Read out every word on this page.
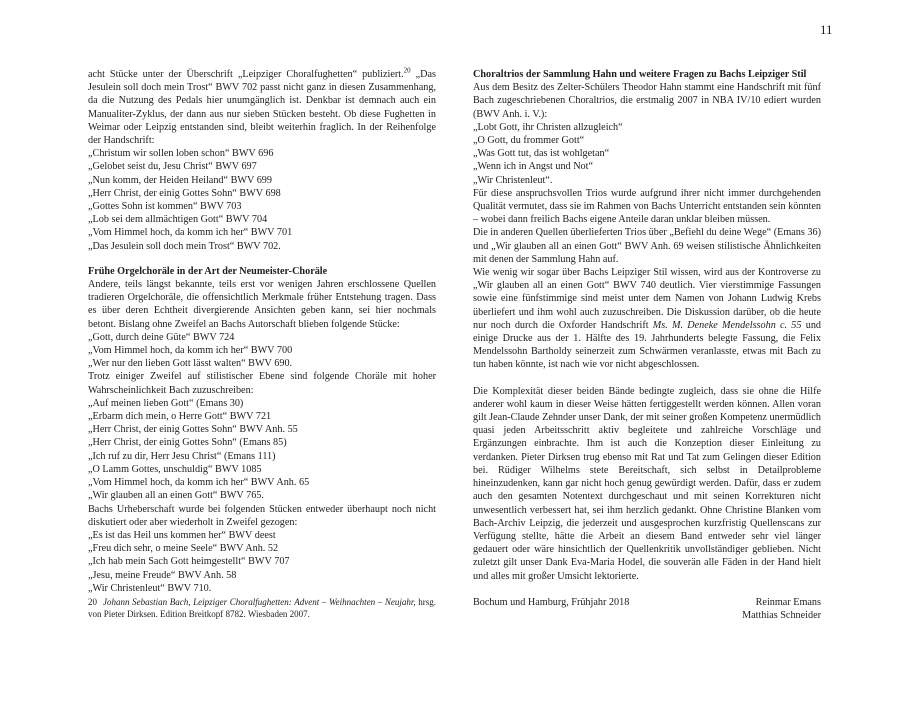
11

acht Stücke unter der Überschrift „Leipziger Choralfughetten“ publiziert.$^{20}$ „Das Jesulein soll doch mein Trost“ BWV 702 passt nicht ganz in diesen Zusammenhang, da die Nutzung des Pedals hier unumgänglich ist. Denkbar ist demnach auch ein Manualiter-Zyklus, der dann aus nur sieben Stücken besteht. Ob diese Fughetten in Weimar oder Leipzig entstanden sind, bleibt weiterhin fraglich. In der Reihenfolge der Handschrift:

„Christum wir sollen loben schon“ BWV 696

„Gelobet seist du, Jesu Christ“ BWV 697

„Nun komm, der Heiden Heiland“ BWV 699

„Herr Christ, der einig Gottes Sohn“ BWV 698

„Gottes Sohn ist kommen“ BWV 703

„Lob sei dem allmächtigen Gott“ BWV 704

„Vom Himmel hoch, da komm ich her“ BWV 701

„Das Jesulein soll doch mein Trost“ BWV 702.

Frühe Orgelchoräle in der Art der Neumeister-Choräle

Andere, teils längst bekannte, teils erst vor wenigen Jahren erschlossene Quellen tradieren Orgelchoräle, die offensichtlich Merkmale früher Entstehung tragen. Dass es über deren Echtheit divergierende Ansichten geben kann, sei hier nochmals betont. Bislang ohne Zweifel an Bachs Autorschaft blieben folgende Stücke:

„Gott, durch deine Güte“ BWV 724

„Vom Himmel hoch, da komm ich her“ BWV 700

„Wer nur den lieben Gott lässt walten“ BWV 690.

Trotz einiger Zweifel auf stilistischer Ebene sind folgende Choräle mit hoher Wahrscheinlichkeit Bach zuzuschreiben:

„Auf meinen lieben Gott“ (Emans 30)

„Erbarm dich mein, o Herre Gott“ BWV 721

„Herr Christ, der einig Gottes Sohn“ BWV Anh. 55

„Herr Christ, der einig Gottes Sohn“ (Emans 85)

„Ich ruf zu dir, Herr Jesu Christ“ (Emans 111)

„O Lamm Gottes, unschuldig“ BWV 1085

„Vom Himmel hoch, da komm ich her“ BWV Anh. 65

„Wir glauben all an einen Gott“ BWV 765.

Bachs Urheberschaft wurde bei folgenden Stücken entweder überhaupt noch nicht diskutiert oder aber wiederholt in Zweifel gezogen:

„Es ist das Heil uns kommen her“ BWV deest

„Freu dich sehr, o meine Seele“ BWV Anh. 52

„Ich hab mein Sach Gott heimgestellt“ BWV 707

„Jesu, meine Freude“ BWV Anh. 58

„Wir Christenleut“ BWV 710.

20 Johann Sebastian Bach, Leipziger Choralfughetten: Advent – Weihnachten – Neujahr, hrsg. von Pieter Dirksen. Edition Breitkopf 8782. Wiesbaden 2007.

Choraltrios der Sammlung Hahn und weitere Fragen zu Bachs Leipziger Stil

Aus dem Besitz des Zelter-Schülers Theodor Hahn stammt eine Handschrift mit fünf Bach zugeschriebenen Choraltrios, die erstmalig 2007 in NBA IV/10 ediert wurden (BWV Anh. i. V.):

„Lobt Gott, ihr Christen allzugleich“

„O Gott, du frommer Gott“

„Was Gott tut, das ist wohlgetan“

„Wenn ich in Angst und Not“

„Wir Christenleut“.

Für diese anspruchsvollen Trios wurde aufgrund ihrer nicht immer durchgehenden Qualität vermutet, dass sie im Rahmen von Bachs Unterricht entstanden sein könnten – wobei dann freilich Bachs eigene Anteile daran unklar bleiben müssen.

Die in anderen Quellen überlieferten Trios über „Befiehl du deine Wege“ (Emans 36) und „Wir glauben all an einen Gott“ BWV Anh. 69 weisen stilistische Ähnlichkeiten mit denen der Sammlung Hahn auf.

Wie wenig wir sogar über Bachs Leipziger Stil wissen, wird aus der Kontroverse zu „Wir glauben all an einen Gott“ BWV 740 deutlich. Vier vierstimmige Fassungen sowie eine fünfstimmige sind meist unter dem Namen von Johann Ludwig Krebs überliefert und ihm wohl auch zuzuschreiben. Die Diskussion darüber, ob die heute nur noch durch die Oxforder Handschrift Ms. M. Deneke Mendelssohn c. 55 und einige Drucke aus der 1. Hälfte des 19. Jahrhunderts belegte Fassung, die Felix Mendelssohn Bartholdy seinerzeit zum Schwärmen veranlasste, etwas mit Bach zu tun haben könnte, ist nach wie vor nicht abgeschlossen.

Die Komplexität dieser beiden Bände bedingte zugleich, dass sie ohne die Hilfe anderer wohl kaum in dieser Weise hätten fertiggestellt werden können. Allen voran gilt Jean-Claude Zehnder unser Dank, der mit seiner großen Kompetenz unermüdlich quasi jeden Arbeitsschritt aktiv begleitete und zahlreiche Vorschläge und Ergänzungen einbrachte. Ihm ist auch die Konzeption dieser Einleitung zu verdanken. Pieter Dirksen trug ebenso mit Rat und Tat zum Gelingen dieser Edition bei. Rüdiger Wilhelms stete Bereitschaft, sich selbst in Detailprobleme hineinzudenken, kann gar nicht hoch genug gewürdigt werden. Dafür, dass er zudem auch den gesamten Notentext durchgeschaut und mit seinen Korrekturen nicht unwesentlich verbessert hat, sei ihm herzlich gedankt. Ohne Christine Blanken vom Bach-Archiv Leipzig, die jederzeit und ausgesprochen kurzfristig Quellenscans zur Verfügung stellte, hätte die Arbeit an diesem Band entweder sehr viel länger gedauert oder wäre hinsichtlich der Quellenkritik unvollständiger geblieben. Nicht zuletzt gilt unser Dank Eva-Maria Hodel, die souverän alle Fäden in der Hand hielt und alles mit großer Umsicht lektorierte.

Bochum und Hamburg, Frühjahr 2018	Reinmar Emans
Matthias Schneider
